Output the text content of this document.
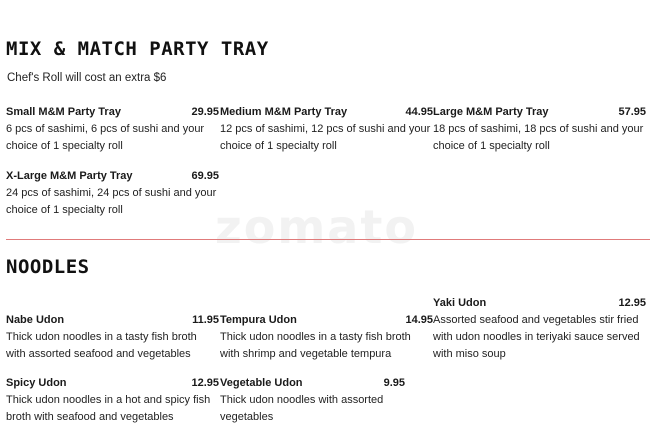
zomato
MIX & MATCH PARTY TRAY
Chef's Roll will cost an extra $6
Small M&M Party Tray	29.95
6 pcs of sashimi, 6 pcs of sushi and your choice of 1 specialty roll
Medium M&M Party Tray	44.95
12 pcs of sashimi, 12 pcs of sushi and your choice of 1 specialty roll
Large M&M Party Tray	57.95
18 pcs of sashimi, 18 pcs of sushi and your choice of 1 specialty roll
X-Large M&M Party Tray	69.95
24 pcs of sashimi, 24 pcs of sushi and your choice of 1 specialty roll
NOODLES
Nabe Udon	11.95
Thick udon noodles in a tasty fish broth with assorted seafood and vegetables
Tempura Udon	14.95
Thick udon noodles in a tasty fish broth with shrimp and vegetable tempura
Yaki Udon	12.95
Assorted seafood and vegetables stir fried with udon noodles in teriyaki sauce served with miso soup
Spicy Udon	12.95
Thick udon noodles in a hot and spicy fish broth with seafood and vegetables
Vegetable Udon	9.95
Thick udon noodles with assorted vegetables
